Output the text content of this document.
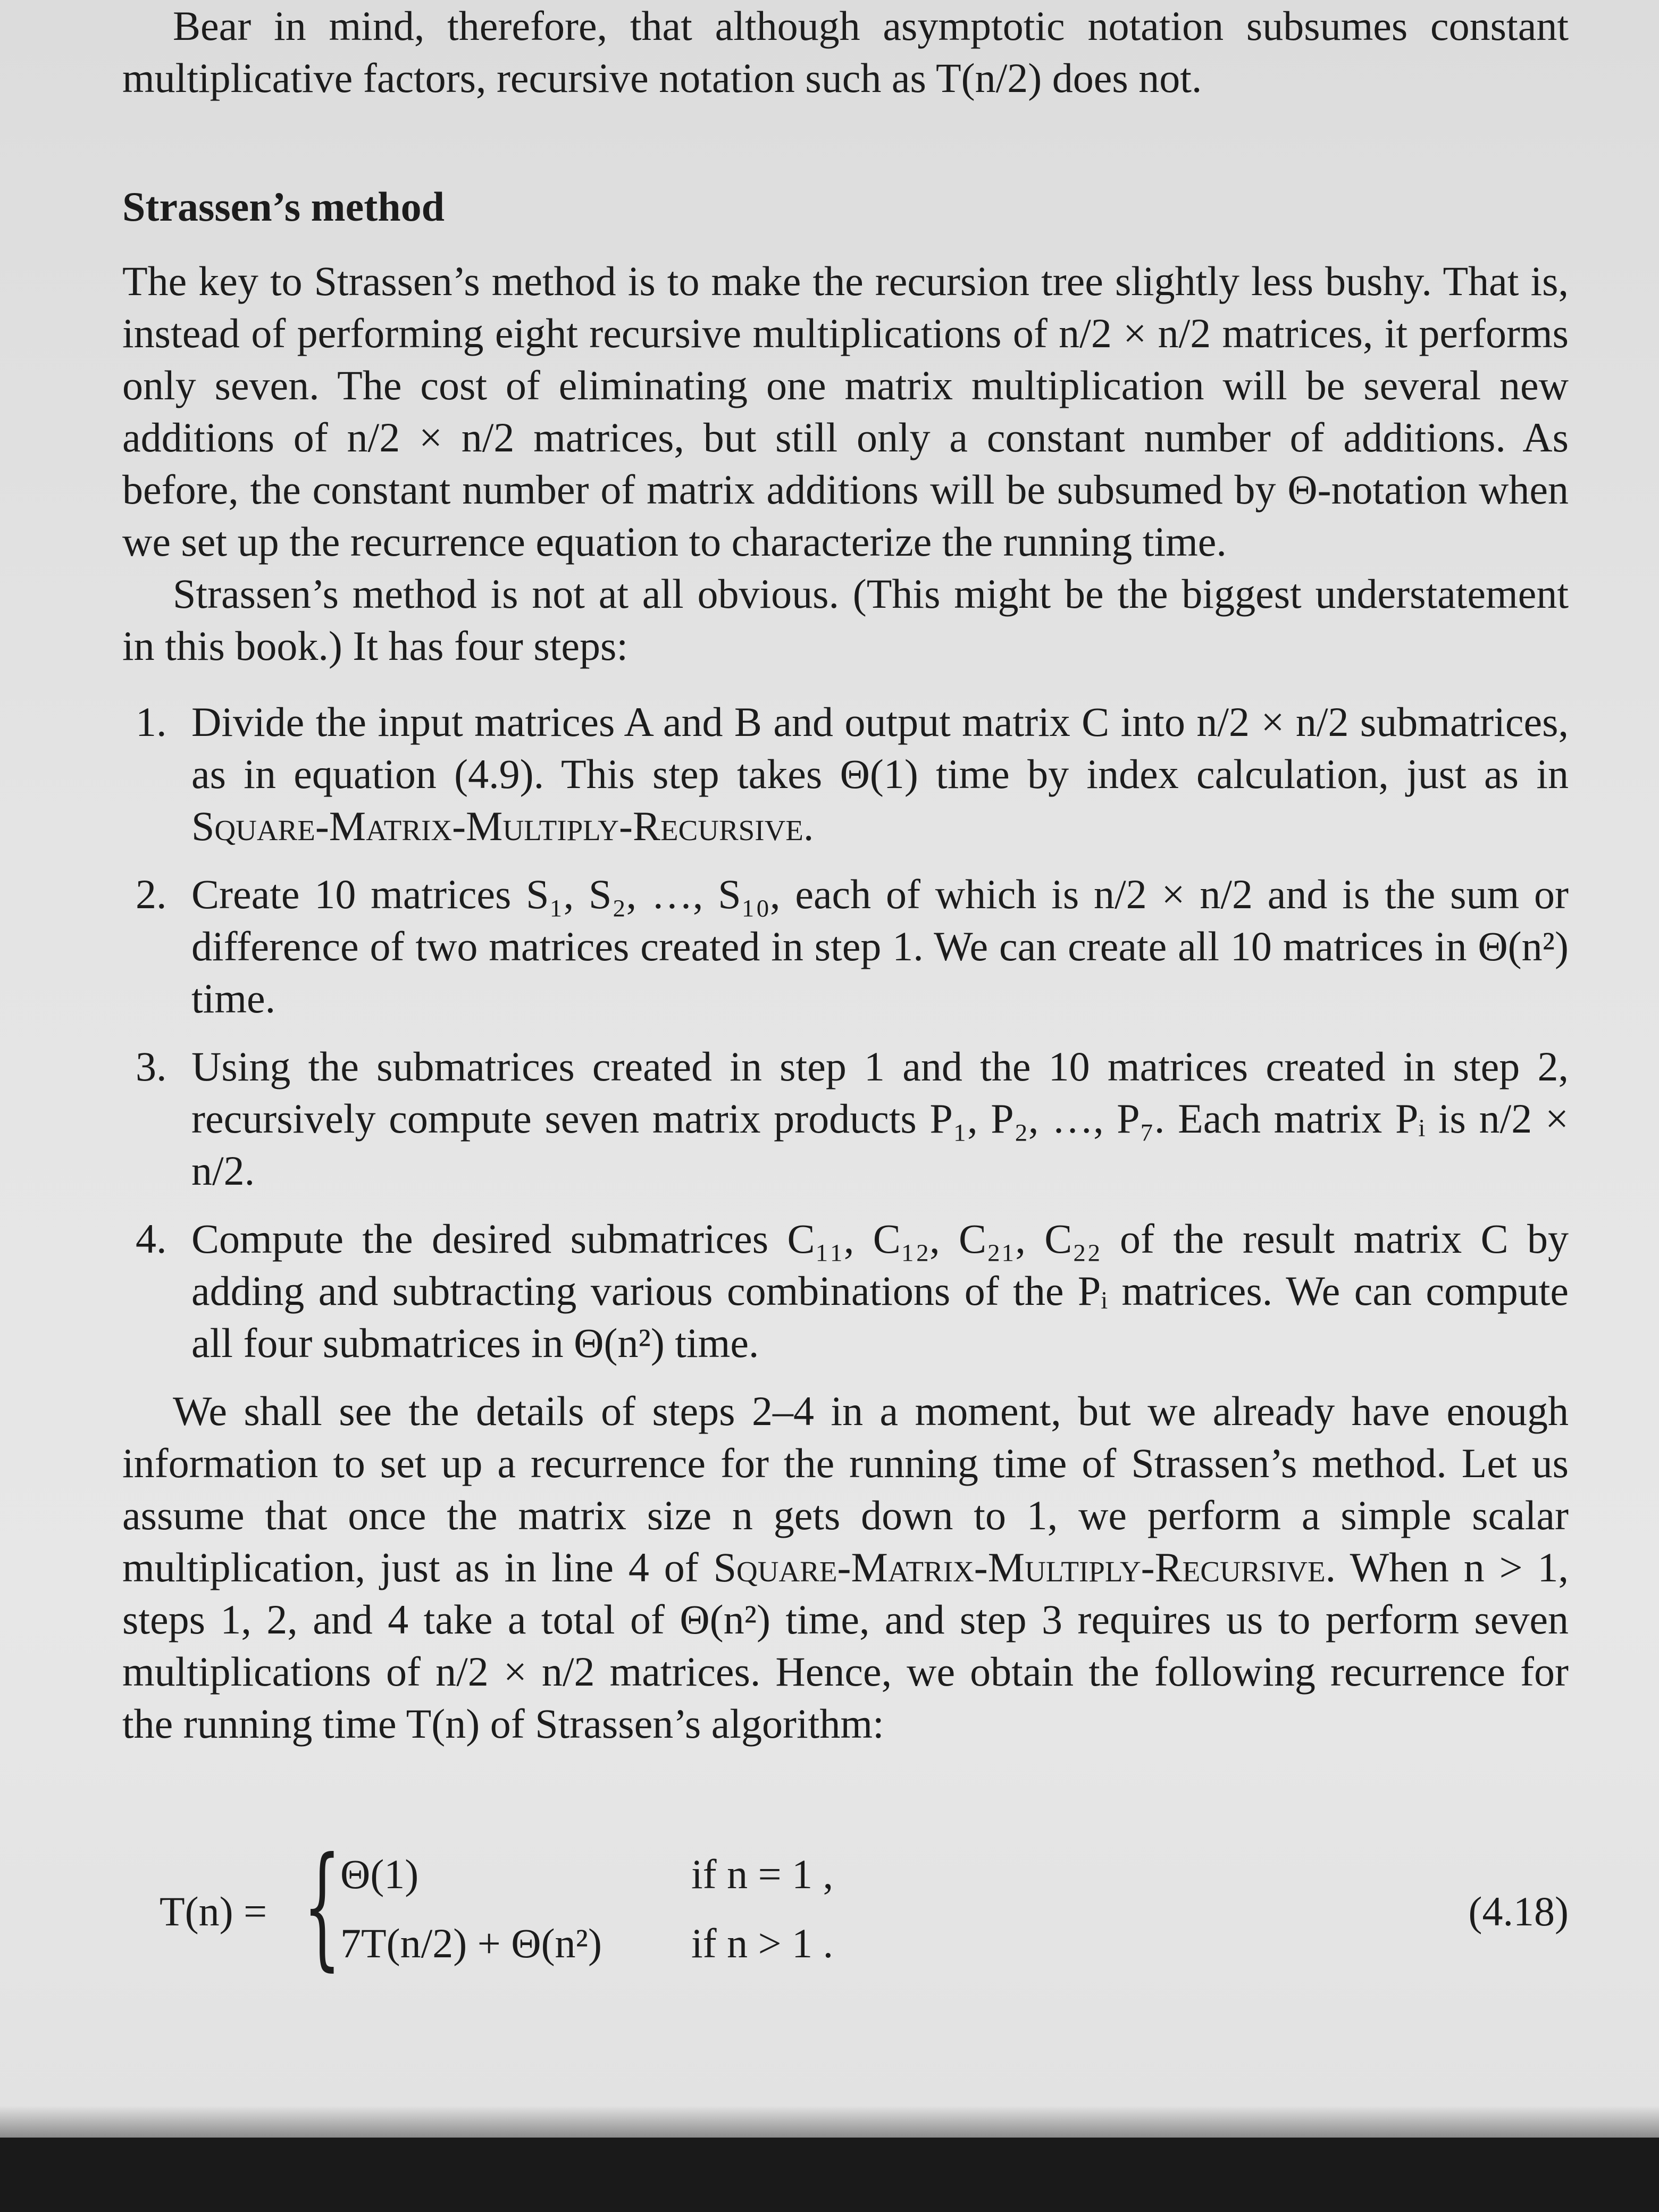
Bear in mind, therefore, that although asymptotic notation subsumes constant multiplicative factors, recursive notation such as T(n/2) does not.

Strassen’s method

The key to Strassen’s method is to make the recursion tree slightly less bushy. That is, instead of performing eight recursive multiplications of n/2 × n/2 matrices, it performs only seven. The cost of eliminating one matrix multiplication will be several new additions of n/2 × n/2 matrices, but still only a constant number of additions. As before, the constant number of matrix additions will be subsumed by Θ-notation when we set up the recurrence equation to characterize the running time.

Strassen’s method is not at all obvious. (This might be the biggest understatement in this book.) It has four steps:

1. Divide the input matrices A and B and output matrix C into n/2 × n/2 submatrices, as in equation (4.9). This step takes Θ(1) time by index calculation, just as in Square-Matrix-Multiply-Recursive.
2. Create 10 matrices S₁, S₂, …, S₁₀, each of which is n/2 × n/2 and is the sum or difference of two matrices created in step 1. We can create all 10 matrices in Θ(n²) time.
3. Using the submatrices created in step 1 and the 10 matrices created in step 2, recursively compute seven matrix products P₁, P₂, …, P₇. Each matrix Pᵢ is n/2 × n/2.
4. Compute the desired submatrices C₁₁, C₁₂, C₂₁, C₂₂ of the result matrix C by adding and subtracting various combinations of the Pᵢ matrices. We can compute all four submatrices in Θ(n²) time.

We shall see the details of steps 2–4 in a moment, but we already have enough information to set up a recurrence for the running time of Strassen’s method. Let us assume that once the matrix size n gets down to 1, we perform a simple scalar multiplication, just as in line 4 of Square-Matrix-Multiply-Recursive. When n > 1, steps 1, 2, and 4 take a total of Θ(n²) time, and step 3 requires us to perform seven multiplications of n/2 × n/2 matrices. Hence, we obtain the following recurrence for the running time T(n) of Strassen’s algorithm:

T(n) = {
Θ(1)	if n = 1 ,
7T(n/2) + Θ(n²) if n > 1 .
(4.18)
